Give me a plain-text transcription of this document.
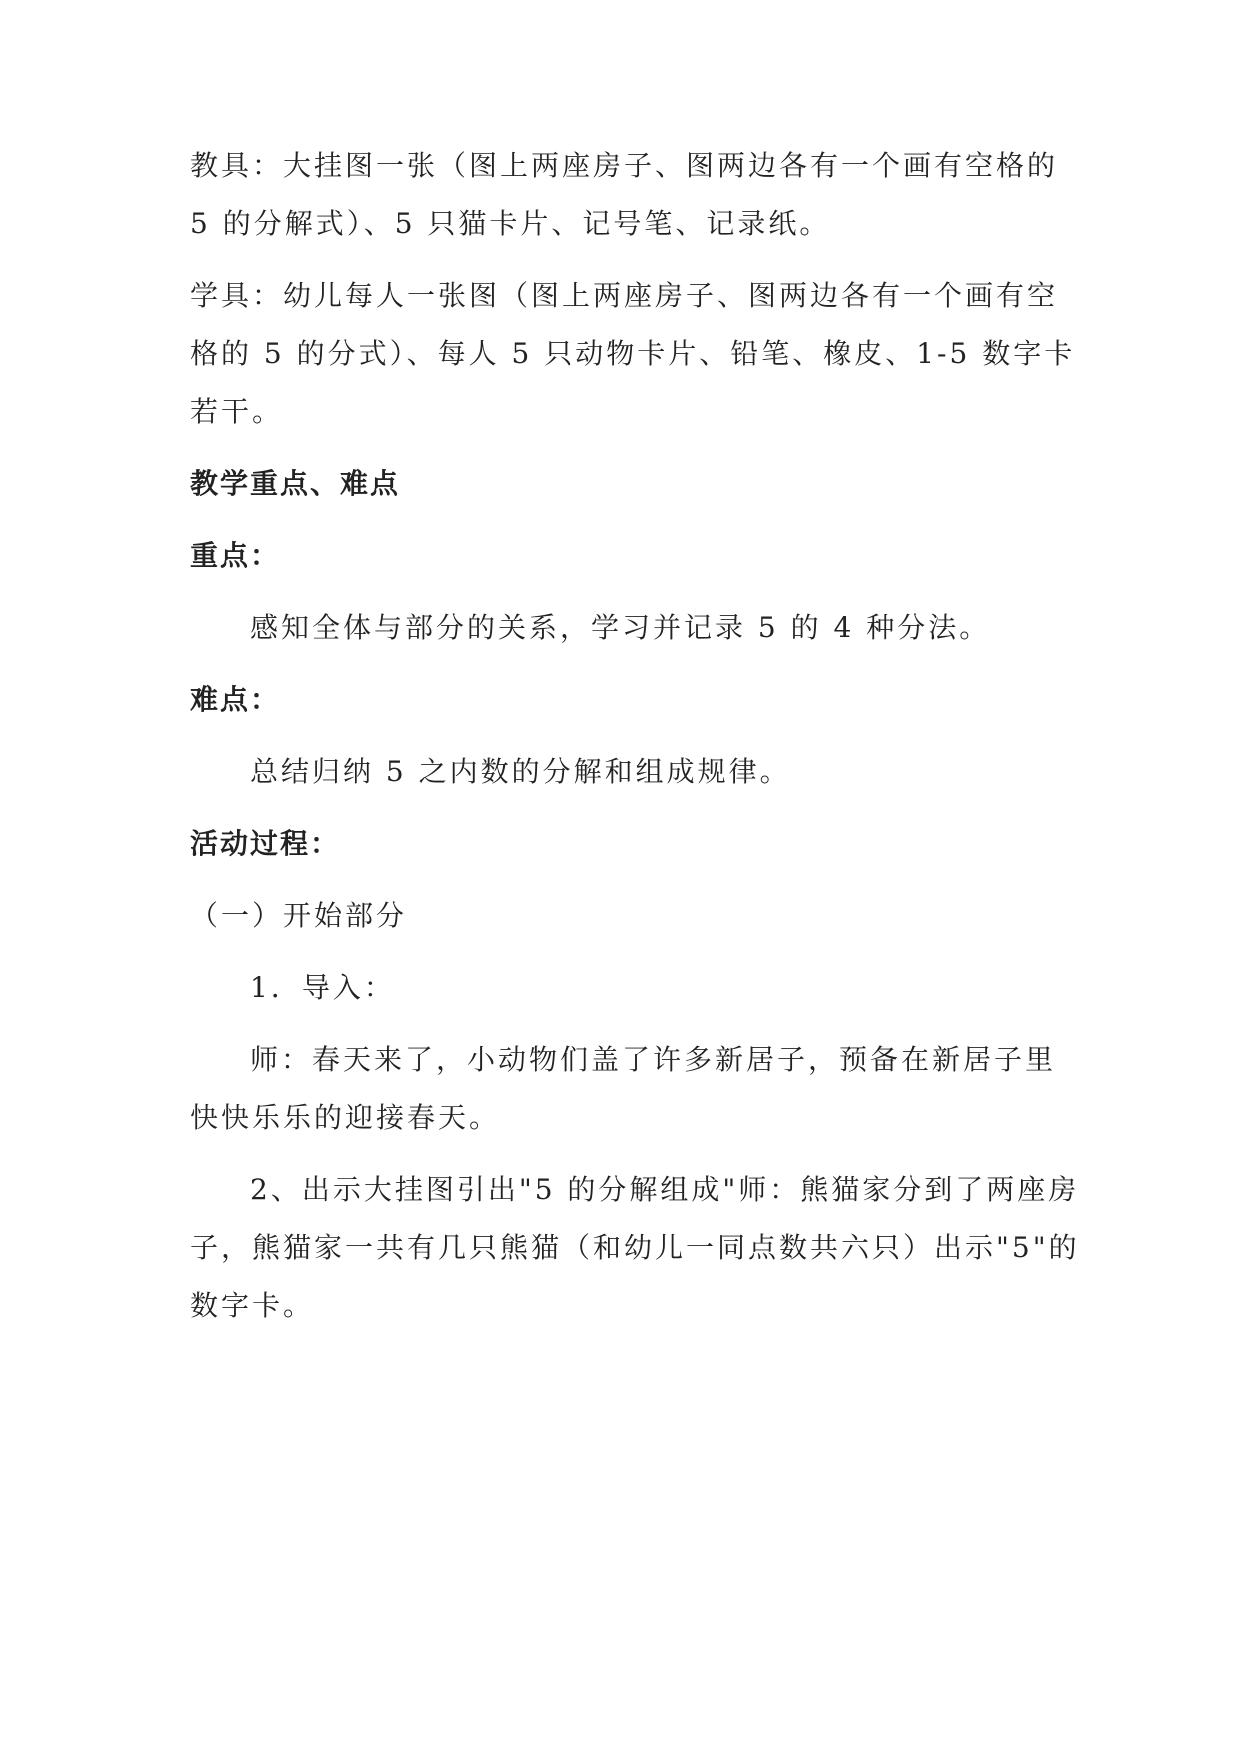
教具：大挂图一张（图上两座房子、图两边各有一个画有空格的
5 的分解式）、5 只猫卡片、记号笔、记录纸。
学具：幼儿每人一张图（图上两座房子、图两边各有一个画有空
格的 5 的分式）、每人 5 只动物卡片、铅笔、橡皮、1-5 数字卡
若干。
教学重点、难点
重点：
感知全体与部分的关系，学习并记录 5 的 4 种分法。
难点：
总结归纳 5 之内数的分解和组成规律。
活动过程：
（一）开始部分
1．导入：
师：春天来了，小动物们盖了许多新居子，预备在新居子里
快快乐乐的迎接春天。
2、出示大挂图引出"5 的分解组成"师：熊猫家分到了两座房
子，熊猫家一共有几只熊猫（和幼儿一同点数共六只）出示"5"的
数字卡。
